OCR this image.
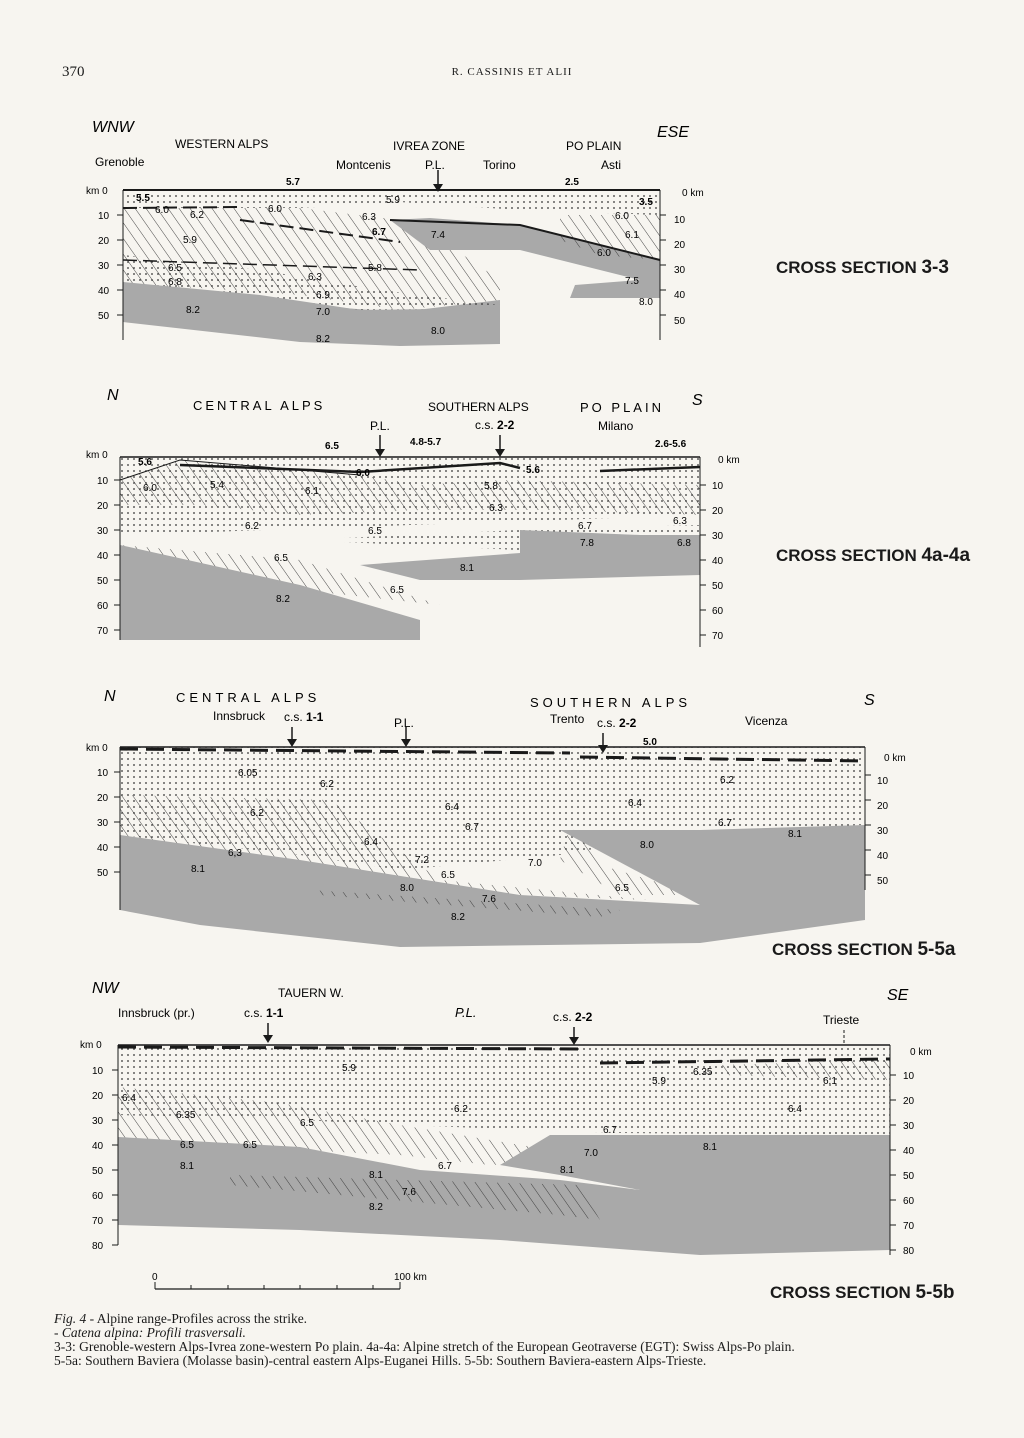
370	R. CASSINIS ET ALII
WNW	ESE
km 0	0 km
10
20
30
40
50
10
20
30
40
50
WESTERN ALPS	IVREA ZONE	PO PLAIN
Grenoble	Montcenis	P.L.	Torino	Asti
5.5
6.0 6.2
5.9
6.5
6.8
8.2
5.7
6.0
6.3
6.7
5.9
5.8
6.3
6.9
7.0
8.2
7.4
8.0
2.5
3.5
6.0
6.1
6.0
7.5
8.0
CROSS SECTION 3-3
N	S
km 0	0 km
10
20
30
40
50
60
70
10
20
30
40
50
60
70
CENTRAL ALPS	SOUTHERN ALPS	PO PLAIN
P.L.	Milano
c.s. 2-2
5.6
6.0	5.4
6.5
6.1
6.0
4.8-5.7
5.6
5.8
6.3
2.6-5.6
6.2	6.5	6.7	6.3
6.8
7.8
6.5
8.1
6.5
8.2
CROSS SECTION 4a-4a
N	S
km 0
0 km
10
20
30
40
50
10
20
30
40
50
CENTRAL ALPS	SOUTHERN ALPS
Innsbruck	P.L.	Trento	Vicenza
c.s. 1-1	c.s. 2-2
6.05
6.2
5.0
6.2
6.2
6.4	6.4
6.7	6.7
8.1
6.4	8.0
6,3
7.2	7.0
8.1
6.5
8.0	6.5
7.6
8.2
CROSS SECTION 5-5a
NW	SE
km 0
0 km
10
20
30
40
50
60
70
80
10
20
30
40
50
60
70
80
TAUERN W.
Innsbruck (pr.)	P.L.	Trieste
c.s. 1-1	c.s. 2-2
5.9
5.9
6.35
6.1
6.4
6.35
6.2	6.4
6.5
6.7
6.5	6.5
7.0
8.1
8.1	6.7
8.1	8.1
7.6
8.2
0	100 km
CROSS SECTION 5-5b
Fig. 4 - Alpine range-Profiles across the strike.
- Catena alpina: Profili trasversali.
3-3: Grenoble-western Alps-Ivrea zone-western Po plain. 4a-4a: Alpine stretch of the European Geotraverse (EGT): Swiss Alps-Po plain.
5-5a: Southern Baviera (Molasse basin)-central eastern Alps-Euganei Hills. 5-5b: Southern Baviera-eastern Alps-Trieste.
